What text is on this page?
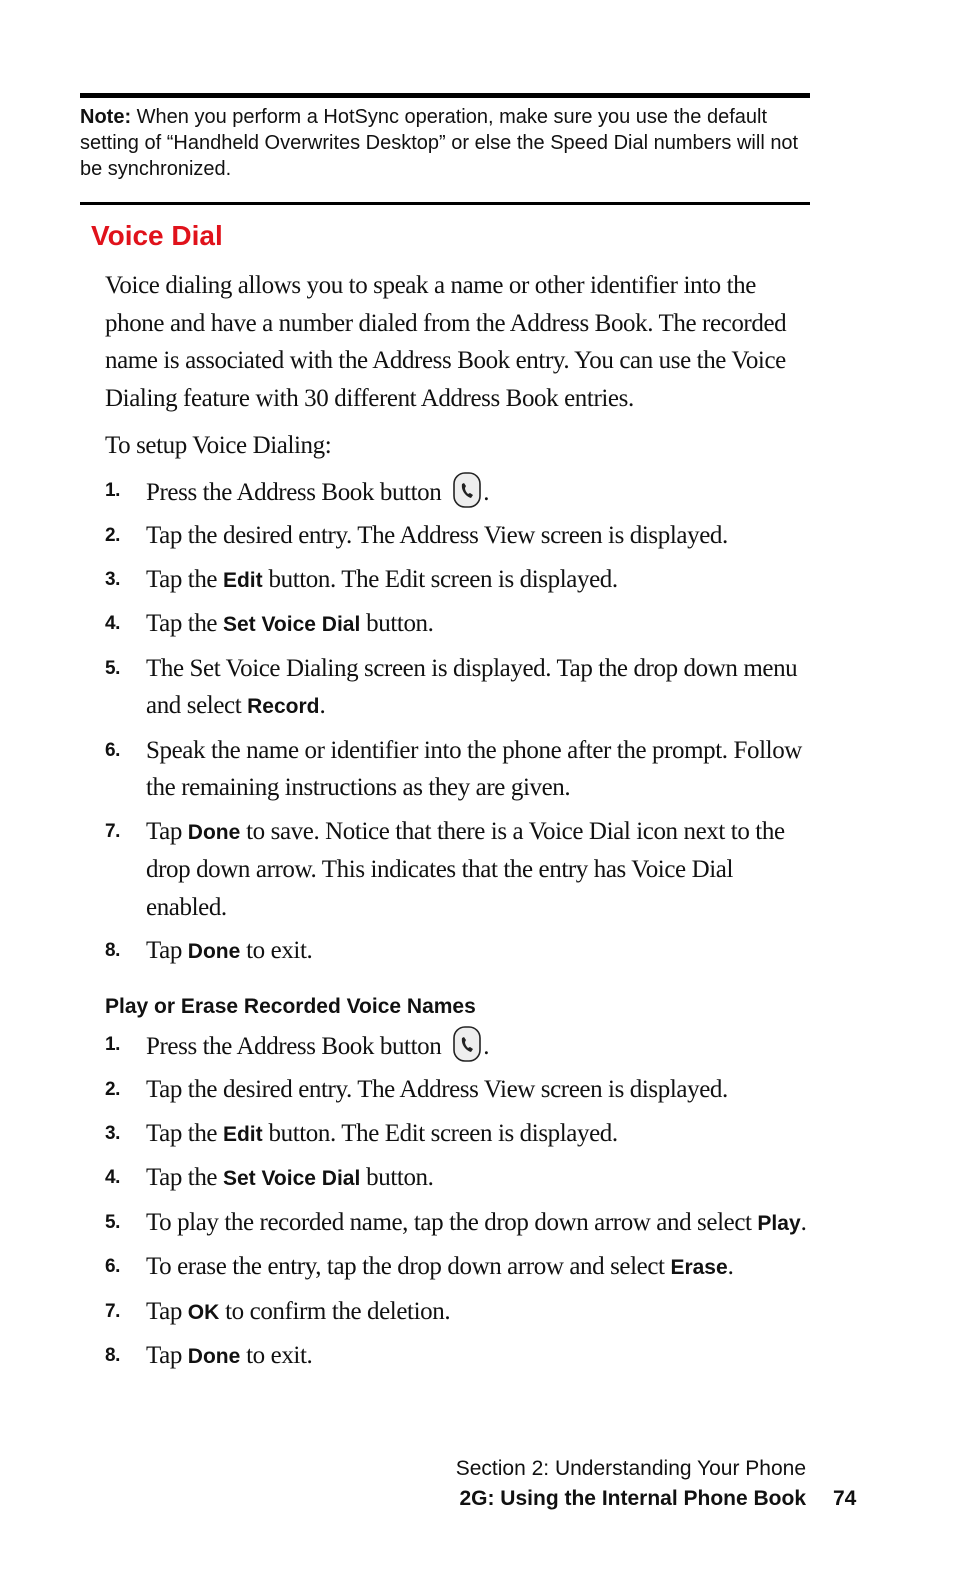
Note: When you perform a HotSync operation, make sure you use the default setting of “Handheld Overwrites Desktop” or else the Speed Dial numbers will not be synchronized.
Voice Dial

Voice dialing allows you to speak a name or other identifier into the phone and have a number dialed from the Address Book. The recorded name is associated with the Address Book entry. You can use the Voice Dialing feature with 30 different Address Book entries.

To setup Voice Dialing:

1. Press the Address Book button .
2. Tap the desired entry. The Address View screen is displayed.
3. Tap the Edit button. The Edit screen is displayed.
4. Tap the Set Voice Dial button.
5. The Set Voice Dialing screen is displayed. Tap the drop down menu and select Record.
6. Speak the name or identifier into the phone after the prompt. Follow the remaining instructions as they are given.
7. Tap Done to save. Notice that there is a Voice Dial icon next to the drop down arrow. This indicates that the entry has Voice Dial enabled.
8. Tap Done to exit.
Play or Erase Recorded Voice Names
1. Press the Address Book button .
2. Tap the desired entry. The Address View screen is displayed.
3. Tap the Edit button. The Edit screen is displayed.
4. Tap the Set Voice Dial button.
5. To play the recorded name, tap the drop down arrow and select Play.
6. To erase the entry, tap the drop down arrow and select Erase.
7. Tap OK to confirm the deletion.
8. Tap Done to exit.
Section 2: Understanding Your Phone
2G: Using the Internal Phone Book 74
